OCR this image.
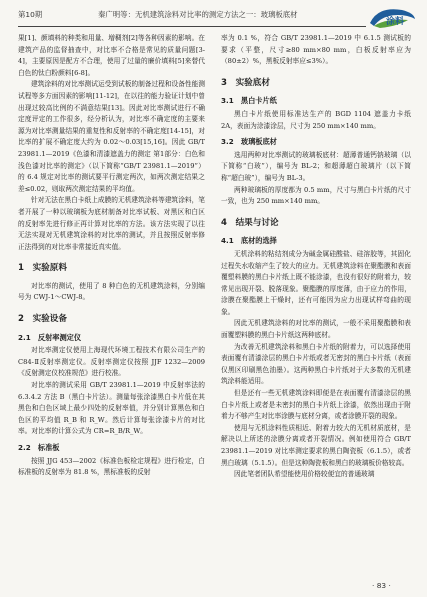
第10期	秦广明等：无机建筑涂料对比率的测定方法之一：玻璃板底材
涂料

果[1]、颜填料的种类和用量、増稠剂[2]等各种因素的影响。在建筑产品的监督抽查中，对比率不合格是常见的质量问题[3-4]，主要原因是配方不合理，使用了过量的廉价填料[5]来替代白色的钛白粉颜料[6-8]。

建筑涂料的对比率测试运受到试板的制备过程和设备性能测试程等多方面因素的影响[11-12]，在以往的能力验证计划中曾出现过较高比例的不满意结果[13]。因此对比率测试进行不确定度评定的工作很多，经分析认为，对比率不确定度的主要来源为对比率测量结果的重复性和反射率的不确定度[14-15]，对比率的扩展不确定度大约为 0.02～0.03[15,16]。因此 GB/T 23981.1—2019《色漆和清漆遮盖力的测定 第1部分：白色和浅色漆对比率的测定》（以下简称“GB/T 23981.1—2019”）的 6.4 规定对比率的测试要平行测定两次，如两次测定结果之差≤0.02，则取两次测定结果的平均值。

针对无法在黑白卡纸上成膜的无机建筑涂料等建筑涂料，笔者开展了一种以玻璃板为底材制备对比率试板、对黑区和白区的反射率先进行修正再计算对比率的方法。该方法实现了以往无法实现对无机建筑涂料的对比率的测试，并且按照反射率修正法得到的对比率非常接近真实值。

1　实验原料

对比率的测试，使用了 8 种白色的无机建筑涂料，分别编号为 CWJ-1～CWJ-8。

2　实验设备
2.1　反射率测定仪

对比率测定仪使用上海现代环境工程技术有限公司生产的 C84-Ⅱ反射率测定仪。反射率测定仪按照 JJF 1232—2009《反射测定仪校准规范》进行校准。

对比率的测试采用 GB/T 23981.1—2019 中反射率法的 6.3.4.2 方法 B（黑白卡片法）。测量每张涂漆黑白卡片低在其黑色和白色区域上最少四处的反射率值，并分别计算黑色和白色区的平均值 R_B 和 R_W。然后计算每张涂漆卡片的对比率。对比率的计算公式为 CR=R_B/R_W。

2.2　标准板

按照 JJG 453—2002《标准色板检定规程》进行检定，白标准板的反射率为 81.8 %，黑标准板的反射

率为 0.1 %，符合 GB/T 23981.1—2019 中 6.1.5 测试板的要求（平整，尺寸≥80 mm×80 mm，白板反射率应为（80±2）%，黑板反射率应≤3%）。

3　实验底材
3.1　黑白卡片纸

黑白卡片纸使用标准达生产的 BGD 1104 遮盖力卡纸 2A，表面为涂漆涂层，尺寸为 250 mm×140 mm。

3.2　玻璃板底材

选用两种对比率测试的玻璃板底材：超薄普通钙钠玻璃（以下简称“白玻”），编号为 BL-2；和超薄超白玻璃片（以下简称“超白玻”），编号为 BL-3。

两种玻璃板的厚度都为 0.5 mm，尺寸与黑白卡片纸的尺寸一致，也为 250 mm×140 mm。

4　结果与讨论
4.1　底材的选择

无机涂料的粘结剂成分为碱金属硅酸盐、硅溶胶等，其固化过程失水收缩产生了较大的应力。无机建筑涂料在聚酯膜和表面覆塑料膜的黑白卡片纸上既不能涂漆，也没有很好的附着力，较常见出现开裂、脱落现象。聚酯膜的厚度薄，由于应力的作用，涂膜在聚酯膜上干燥时，还有可能因为应力出现试样弯曲的现象。

因此无机建筑涂料的对比率的测试，一般不采用聚酯膜和表面覆塑料膜的黑白卡片纸这两种底材。

为改善无机建筑涂料和黑白卡片纸的附着力，可以选择使用表面覆有清漆涂层的黑白卡片纸或者无密封的黑白卡片纸（表面仅黑区印刷黑色油墨）。这两种黑白卡片纸对于大多数的无机建筑涂料能适用。

但是还有一些无机建筑涂料即便是在表面覆有清漆涂层的黑白卡片纸上或者是未密封的黑白卡片纸上涂漆，依然出现由于附着力不够产生对比率涂膜与底材分离，或者涂膜开裂的现象。

使用与无机涂料性质相近、附着力较大的无机材质底材，是解决以上所述的涂膜分离或者开裂情况。例如使用符合 GB/T 23981.1—2019 对比率测定要求的黑白陶瓷板（6.1.5），或者黑白玻璃（5.1.5）。但是这种陶瓷板和黑白的玻璃板价格较高。

因此笔者团队希望能使用价格较便宜的普通玻璃

· 83 ·
